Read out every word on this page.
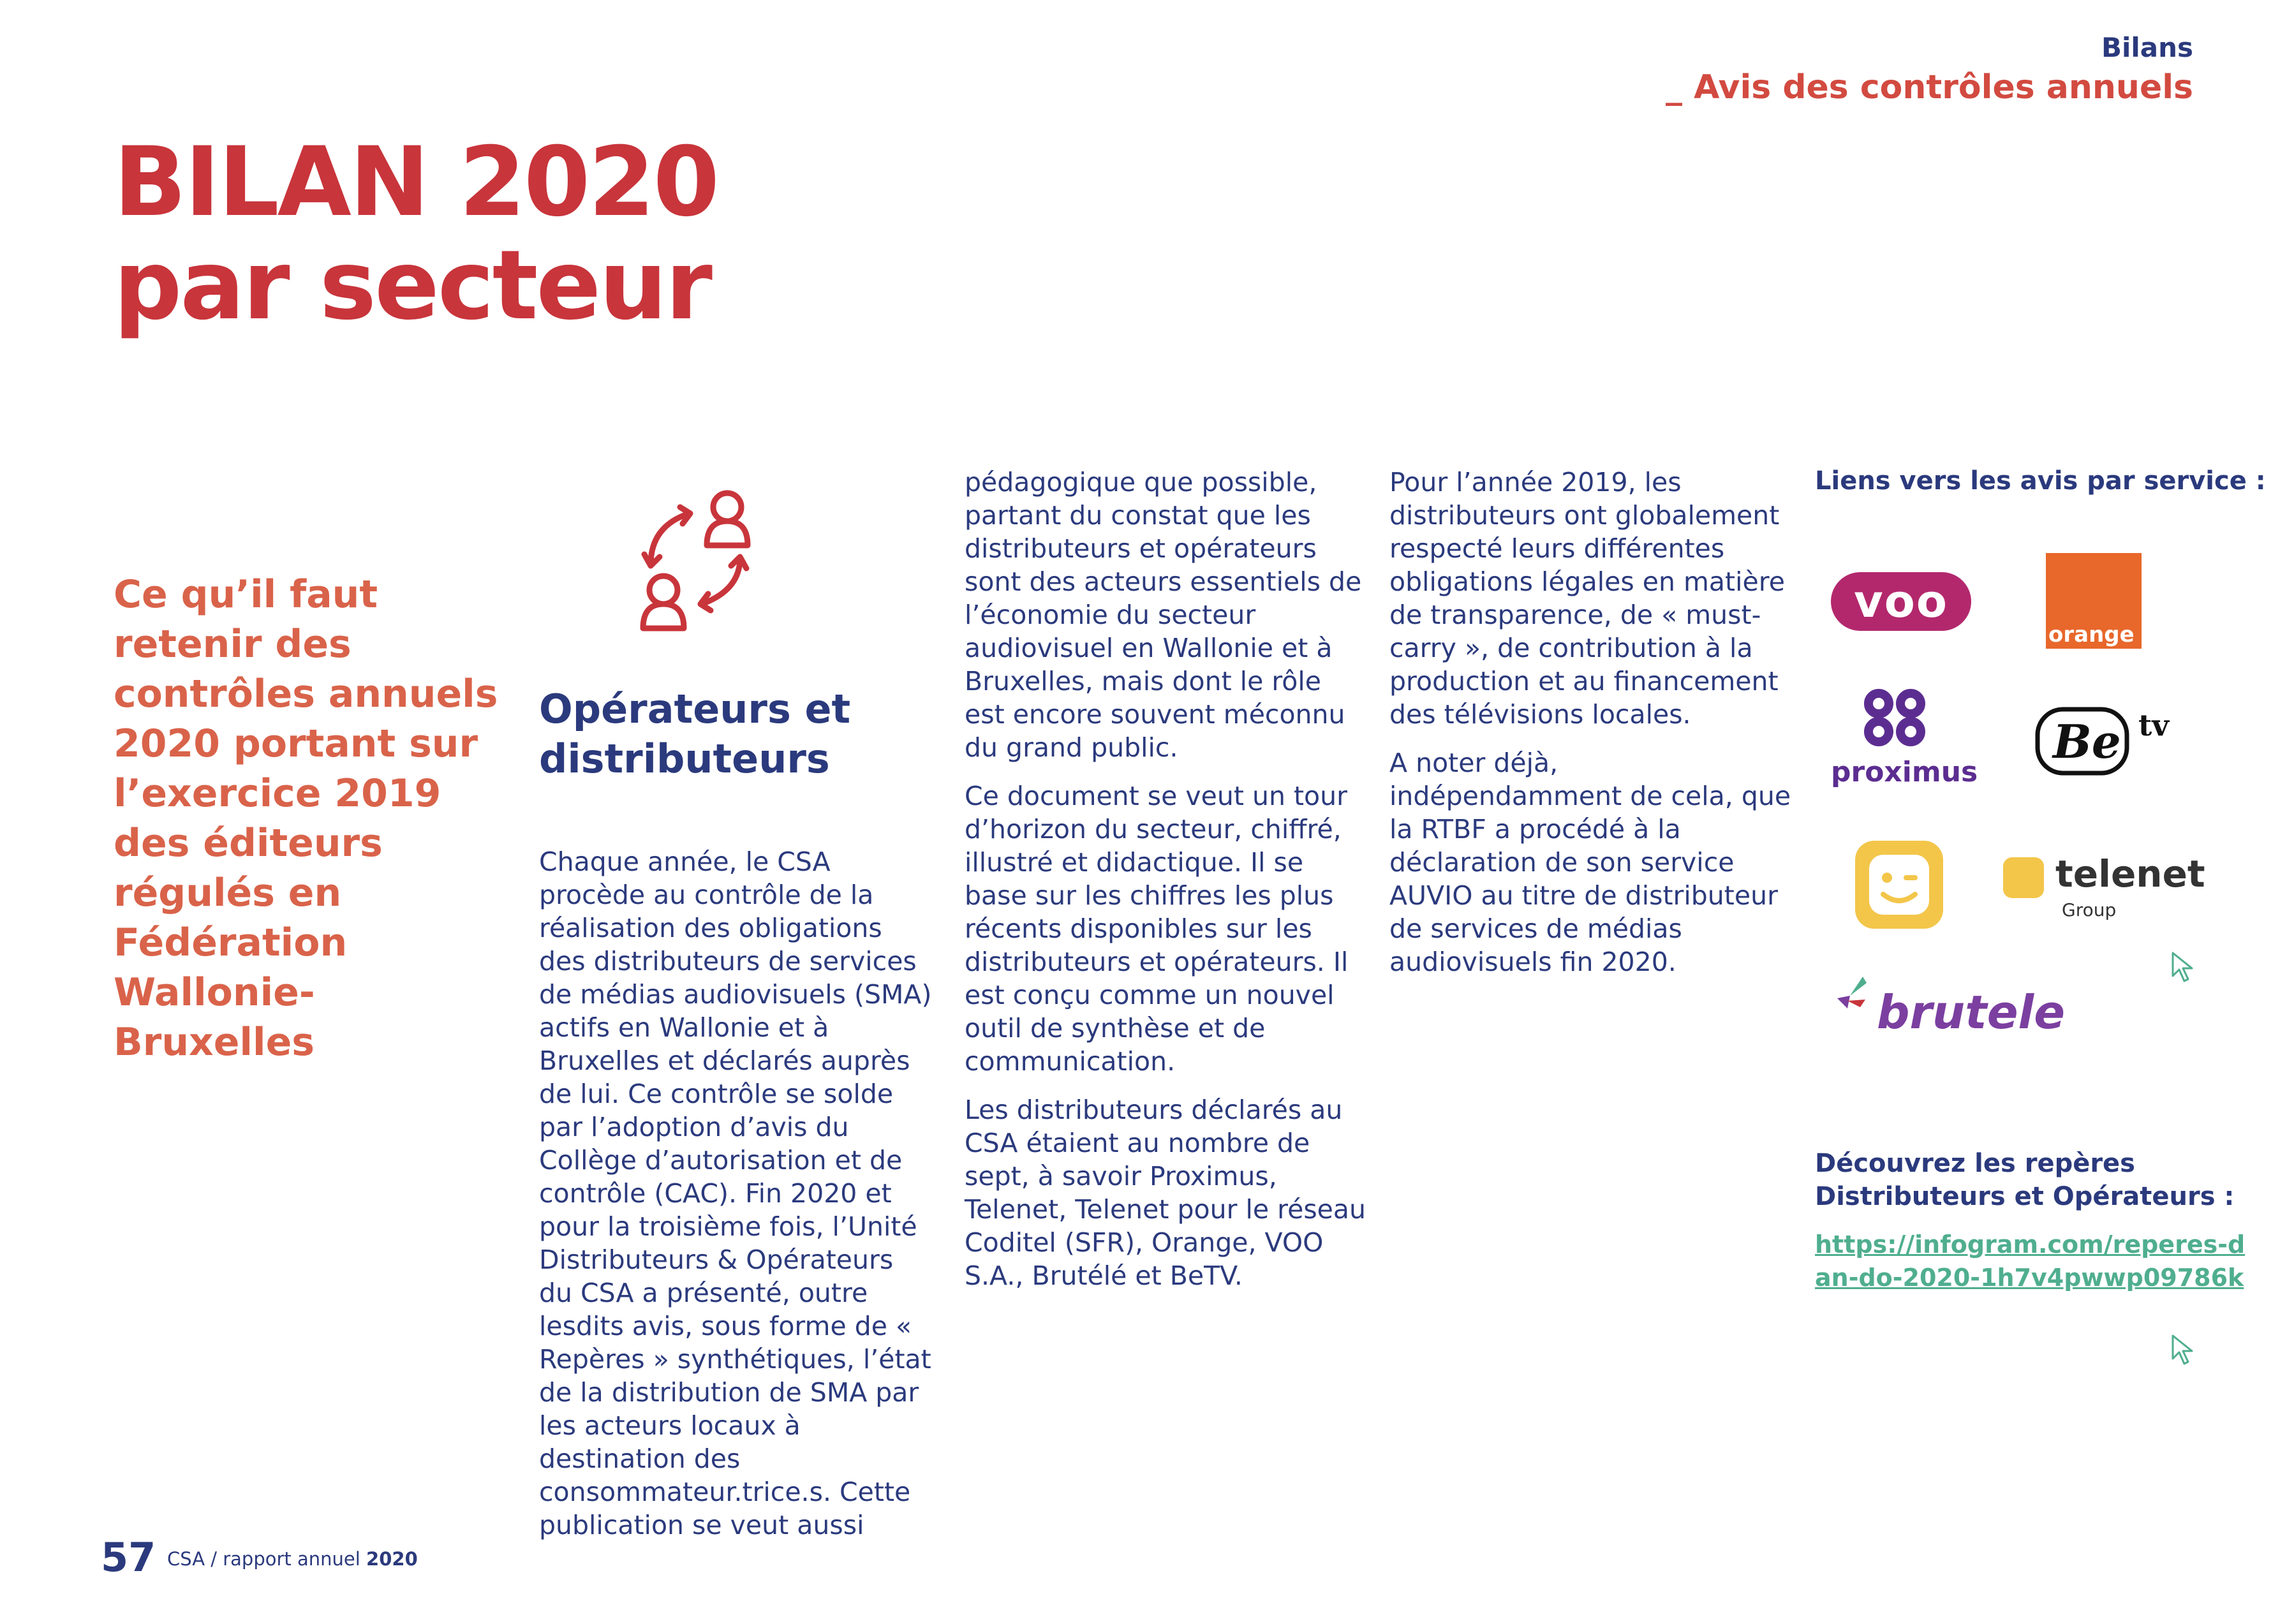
Bilans
_ Avis des contrôles annuels
BILAN 2020
par secteur
Ce qu’il faut retenir des contrôles annuels 2020 portant sur l’exercice 2019 des éditeurs régulés en Fédération Wallonie-Bruxelles
Opérateurs et distributeurs

Chaque année, le CSA procède au contrôle de la réalisation des obligations des distributeurs de services de médias audiovisuels (SMA) actifs en Wallonie et à Bruxelles et déclarés auprès de lui. Ce contrôle se solde par l’adoption d’avis du Collège d’autorisation et de contrôle (CAC). Fin 2020 et pour la troisième fois, l’Unité Distributeurs & Opérateurs du CSA a présenté, outre lesdits avis, sous forme de « Repères » synthétiques, l’état de la distribution de SMA par les acteurs locaux à destination des consommateur.trice.s. Cette publication se veut aussi

pédagogique que possible, partant du constat que les distributeurs et opérateurs sont des acteurs essentiels de l’économie du secteur audiovisuel en Wallonie et à Bruxelles, mais dont le rôle est encore souvent méconnu du grand public.

Ce document se veut un tour d’horizon du secteur, chiffré, illustré et didactique. Il se base sur les chiffres les plus récents disponibles sur les distributeurs et opérateurs. Il est conçu comme un nouvel outil de synthèse et de communication.

Les distributeurs déclarés au CSA étaient au nombre de sept, à savoir Proximus, Telenet, Telenet pour le réseau Coditel (SFR), Orange, VOO S.A., Brutélé et BeTV.

Pour l’année 2019, les distributeurs ont globalement respecté leurs différentes obligations légales en matière de transparence, de « must-carry », de contribution à la production et au financement des télévisions locales.

A noter déjà, indépendamment de cela, que la RTBF a procédé à la déclaration de son service AUVIO au titre de distributeur de services de médias audiovisuels fin 2020.

Liens vers les avis par service :
voo
orange
proximus
Be tv
telenet
Group
brutele
Découvrez les repères Distributeurs et Opérateurs :
https://infogram.com/reperes-dan-do-2020-1h7v4pwwp09786k
57 CSA / rapport annuel 2020
